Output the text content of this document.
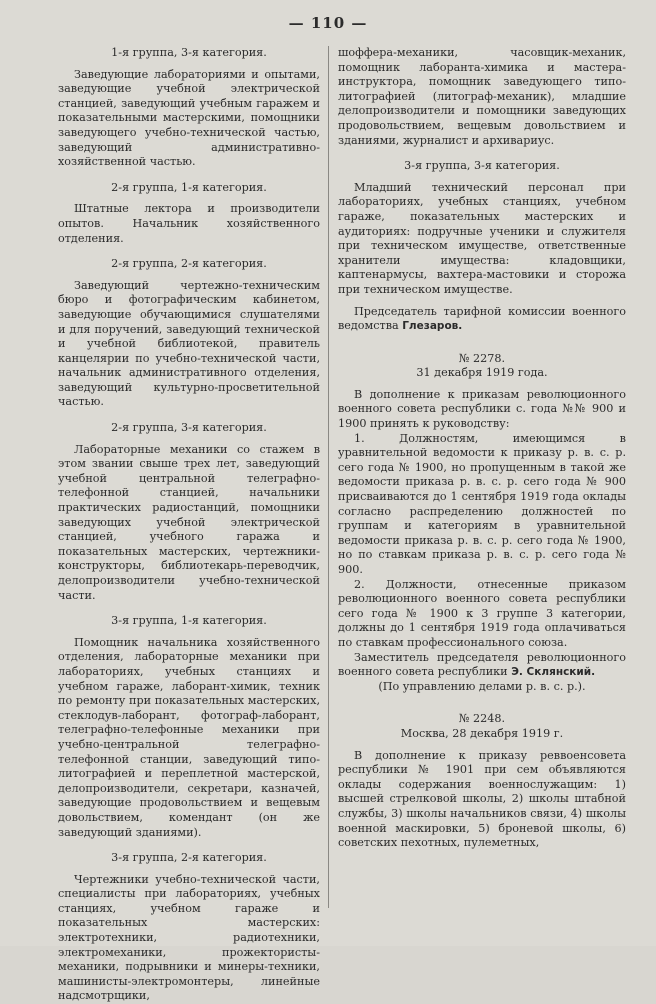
— 110 —

1-я группа, 3-я категория.

Заведующие лабораториями и опытами, заведующие учебной электрической станцией, заведующий учебным гаражем и показательными мастерскими, помощники заведующего учебно-технической частью, заведующий административно-хозяйственной частью.

2-я группа, 1-я категория.

Штатные лектора и производители опытов. Начальник хозяйственного отделения.

2-я группа, 2-я категория.

Заведующий чертежно-техническим бюро и фотографическим кабинетом, заведующие обучающимися слушателями и для поручений, заведующий технической и учебной библиотекой, правитель канцелярии по учебно-технической части, начальник административного отделения, заведующий культурно-просветительной частью.

2-я группа, 3-я категория.

Лабораторные механики со стажем в этом звании свыше трех лет, заведующий учебной центральной телеграфно-телефонной станцией, начальники практических радиостанций, помощники заведующих учебной электрической станцией, учебного гаража и показательных мастерских, чертежники-конструкторы, библиотекарь-переводчик, делопроизводители учебно-технической части.

3-я группа, 1-я категория.

Помощник начальника хозяйственного отделения, лабораторные механики при лабораториях, учебных станциях и учебном гараже, лаборант-химик, техник по ремонту при показательных мастерских, стеклодув-лаборант, фотограф-лаборант, телеграфно-телефонные механики при учебно-центральной телеграфно-телефонной станции, заведующий типо-литографией и переплетной мастерской, делопроизводители, секретари, казначей, заведующие продовольствием и вещевым довольствием, комендант (он же заведующий зданиями).

3-я группа, 2-я категория.

Чертежники учебно-технической части, специалисты при лабораториях, учебных станциях, учебном гараже и показательных мастерских: электротехники, радиотехники, электромеханики, прожектористы-механики, подрывники и минеры-техники, машинисты-электромонтеры, линейные надсмотрщики,

шоффера-механики, часовщик-механик, помощник лаборанта-химика и мастера-инструктора, помощник заведующего типо-литографией (литограф-механик), младшие делопроизводители и помощники заведующих продовольствием, вещевым довольствием и зданиями, журналист и архивариус.

3-я группа, 3-я категория.

Младший технический персонал при лабораториях, учебных станциях, учебном гараже, показательных мастерских и аудиториях: подручные ученики и служителя при техническом имуществе, ответственные хранители имущества: кладовщики, каптенармусы, вахтера-мастовики и сторожа при техническом имуществе.

Председатель тарифной комиссии военного ведомства Глезаров.

№ 2278.

31 декабря 1919 года.

В дополнение к приказам революционного военного совета республики с. года №№ 900 и 1900 принять к руководству:

1. Должностям, имеющимся в уравнительной ведомости к приказу р. в. с. р. сего года № 1900, но пропущенным в такой же ведомости приказа р. в. с. р. сего года № 900 присваиваются до 1 сентября 1919 года оклады согласно распределению должностей по группам и категориям в уравнительной ведомости приказа р. в. с. р. сего года № 1900, но по ставкам приказа р. в. с. р. сего года № 900.

2. Должности, отнесенные приказом революционного военного совета республики сего года № 1900 к 3 группе 3 категории, должны до 1 сентября 1919 года оплачиваться по ставкам профессионального союза.

Заместитель председателя революционного военного совета республики Э. Склянский.

(По управлению делами р. в. с. р.).

№ 2248.

Москва, 28 декабря 1919 г.

В дополнение к приказу реввоенсовета республики № 1901 при сем объявляются оклады содержания военнослужащим: 1) высшей стрелковой школы, 2) школы штабной службы, 3) школы начальников связи, 4) школы военной маскировки, 5) броневой школы, 6) советских пехотных, пулеметных,
